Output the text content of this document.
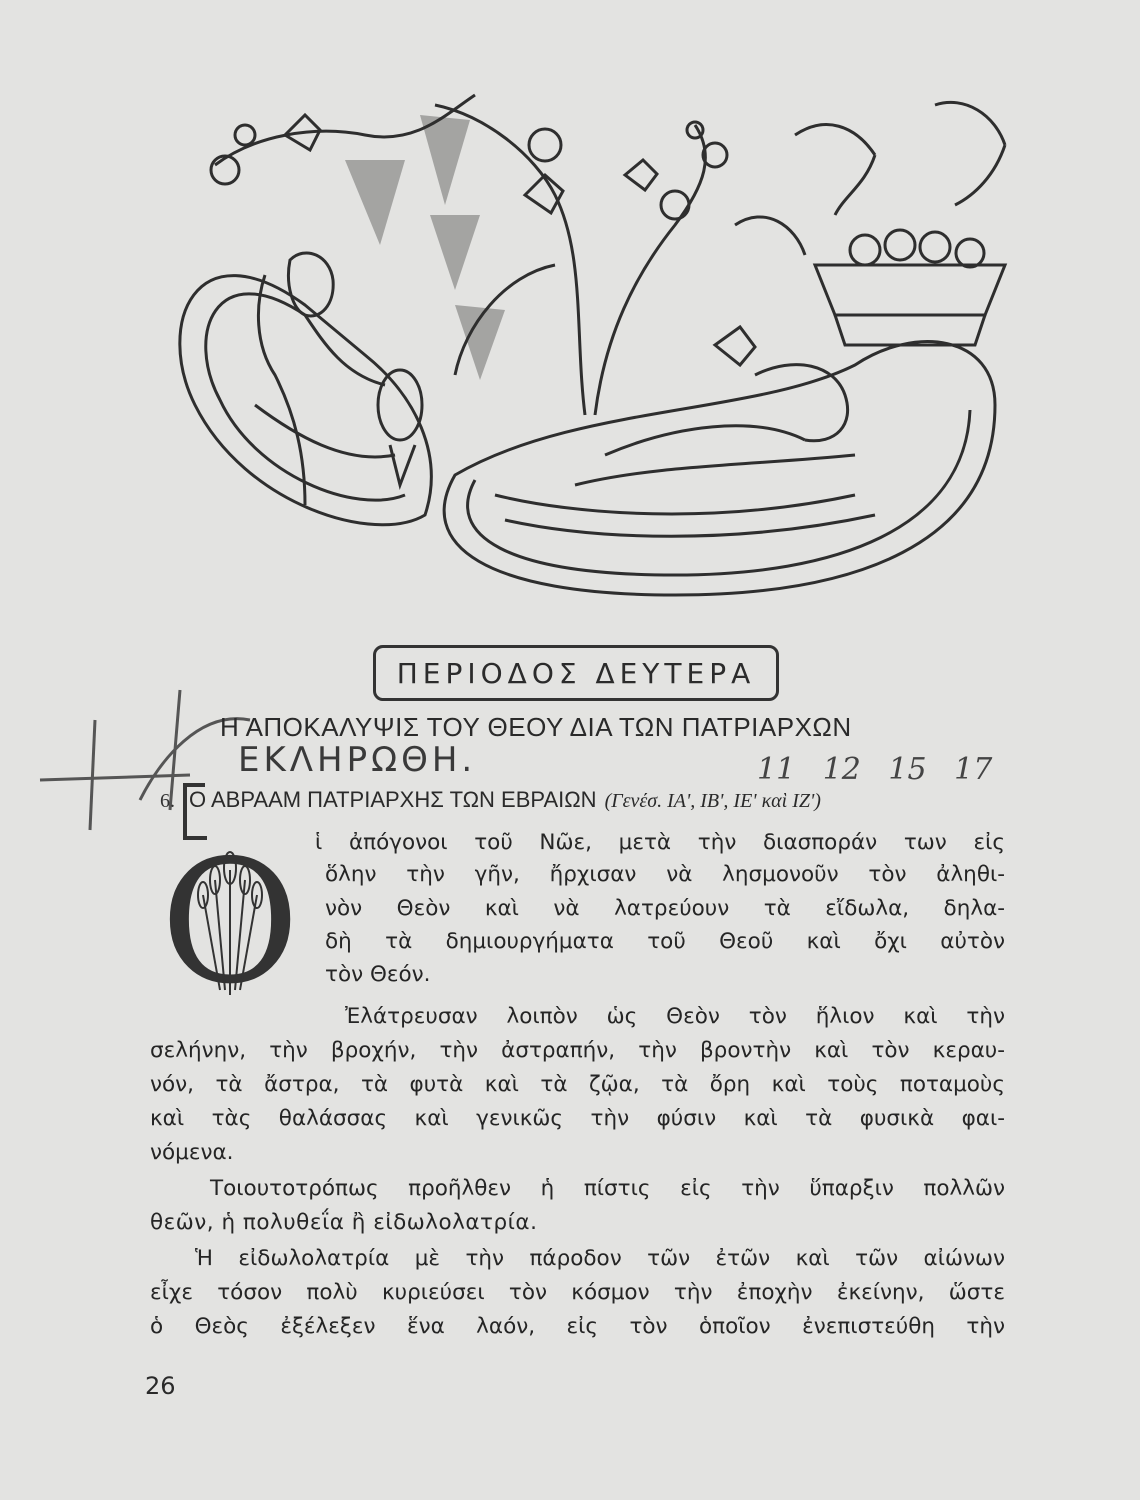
ΠΕΡΙΟΔΟΣ ΔΕΥΤΕΡΑ
Η ΑΠΟΚΑΛΥΨΙΣ ΤΟΥ ΘΕΟΥ ΔΙΑ ΤΩΝ ΠΑΤΡΙΑΡΧΩΝ
ΕΚΛΗΡΩΘΗ.	11 12 15 17
6. Ο ΑΒΡΑΑΜ ΠΑΤΡΙΑΡΧΗΣ ΤΩΝ ΕΒΡΑΙΩΝ (Γενέσ. ΙΑ', ΙΒ', ΙΕ' καὶ ΙΖ')
Ο ἱ ἀπόγονοι τοῦ Νῶε, μετὰ τὴν διασποράν των εἰς
ὅλην τὴν γῆν, ἤρχισαν νὰ λησμονοῦν τὸν ἀληθι-
νὸν Θεὸν καὶ νὰ λατρεύουν τὰ εἴδωλα, δηλα-
δὴ τὰ δημιουργήματα τοῦ Θεοῦ καὶ ὄχι αὐτὸν
τὸν Θεόν.
Ἐλάτρευσαν λοιπὸν ὡς Θεὸν τὸν ἥλιον καὶ τὴν
σελήνην, τὴν βροχήν, τὴν ἀστραπήν, τὴν βροντὴν καὶ τὸν κεραυ-
νόν, τὰ ἄστρα, τὰ φυτὰ καὶ τὰ ζῷα, τὰ ὄρη καὶ τοὺς ποταμοὺς
καὶ τὰς θαλάσσας καὶ γενικῶς τὴν φύσιν καὶ τὰ φυσικὰ φαι-
νόμενα.
Τοιουτοτρόπως προῆλθεν ἡ πίστις εἰς τὴν ὕπαρξιν πολλῶν
θεῶν, ἡ πολυθεΐα ἢ εἰδωλολατρία.
Ἡ εἰδωλολατρία μὲ τὴν πάροδον τῶν ἐτῶν καὶ τῶν αἰώνων
εἶχε τόσον πολὺ κυριεύσει τὸν κόσμον τὴν ἐποχὴν ἐκείνην, ὥστε
ὁ Θεὸς ἐξέλεξεν ἕνα λαόν, εἰς τὸν ὁποῖον ἐνεπιστεύθη τὴν
26
